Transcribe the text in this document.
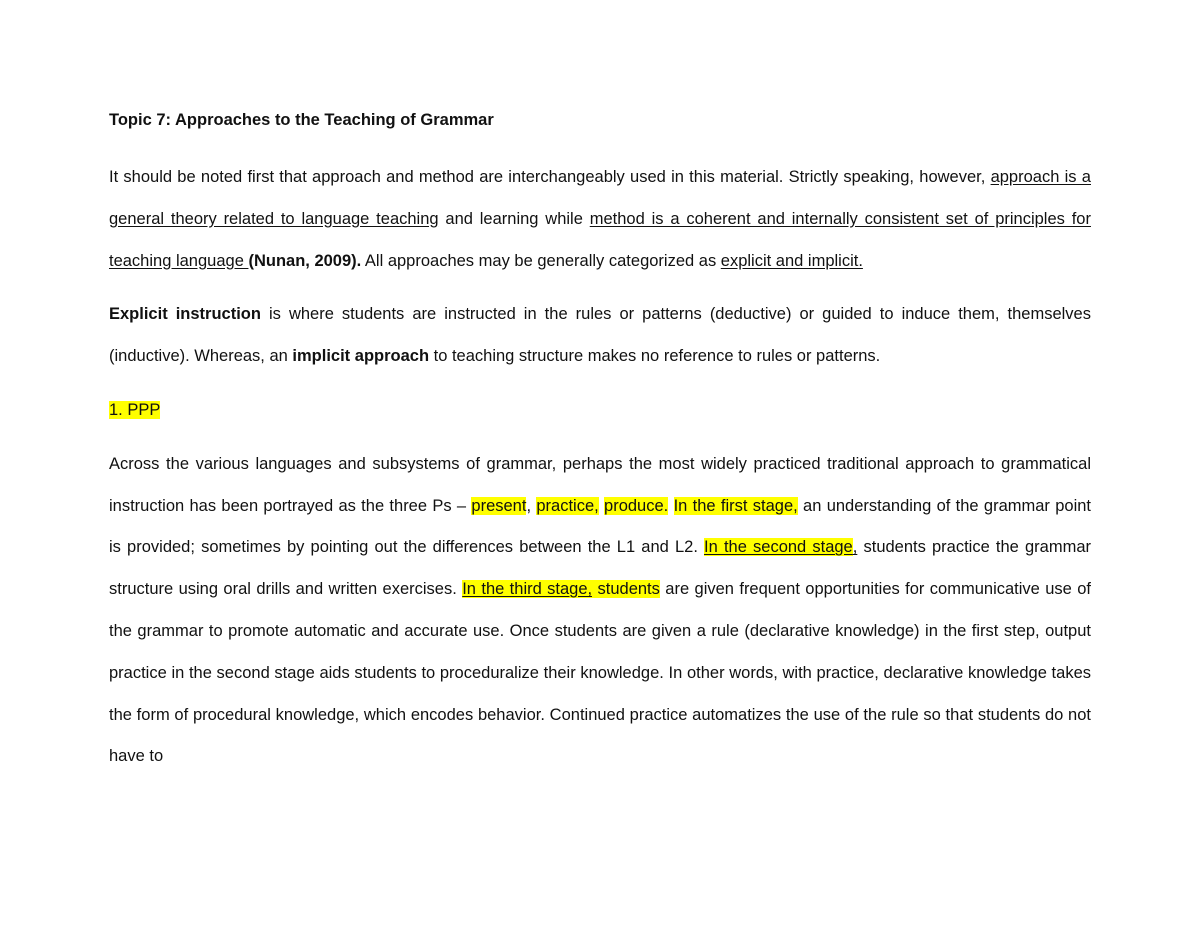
Topic 7: Approaches to the Teaching of Grammar

It should be noted first that approach and method are interchangeably used in this material. Strictly speaking, however, approach is a general theory related to language teaching and learning while method is a coherent and internally consistent set of principles for teaching language (Nunan, 2009). All approaches may be generally categorized as explicit and implicit.

Explicit instruction is where students are instructed in the rules or patterns (deductive) or guided to induce them, themselves (inductive). Whereas, an implicit approach to teaching structure makes no reference to rules or patterns.

1. PPP

Across the various languages and subsystems of grammar, perhaps the most widely practiced traditional approach to grammatical instruction has been portrayed as the three Ps – present, practice, produce. In the first stage, an understanding of the grammar point is provided; sometimes by pointing out the differences between the L1 and L2. In the second stage, students practice the grammar structure using oral drills and written exercises. In the third stage, students are given frequent opportunities for communicative use of the grammar to promote automatic and accurate use. Once students are given a rule (declarative knowledge) in the first step, output practice in the second stage aids students to proceduralize their knowledge. In other words, with practice, declarative knowledge takes the form of procedural knowledge, which encodes behavior. Continued practice automatizes the use of the rule so that students do not have to
